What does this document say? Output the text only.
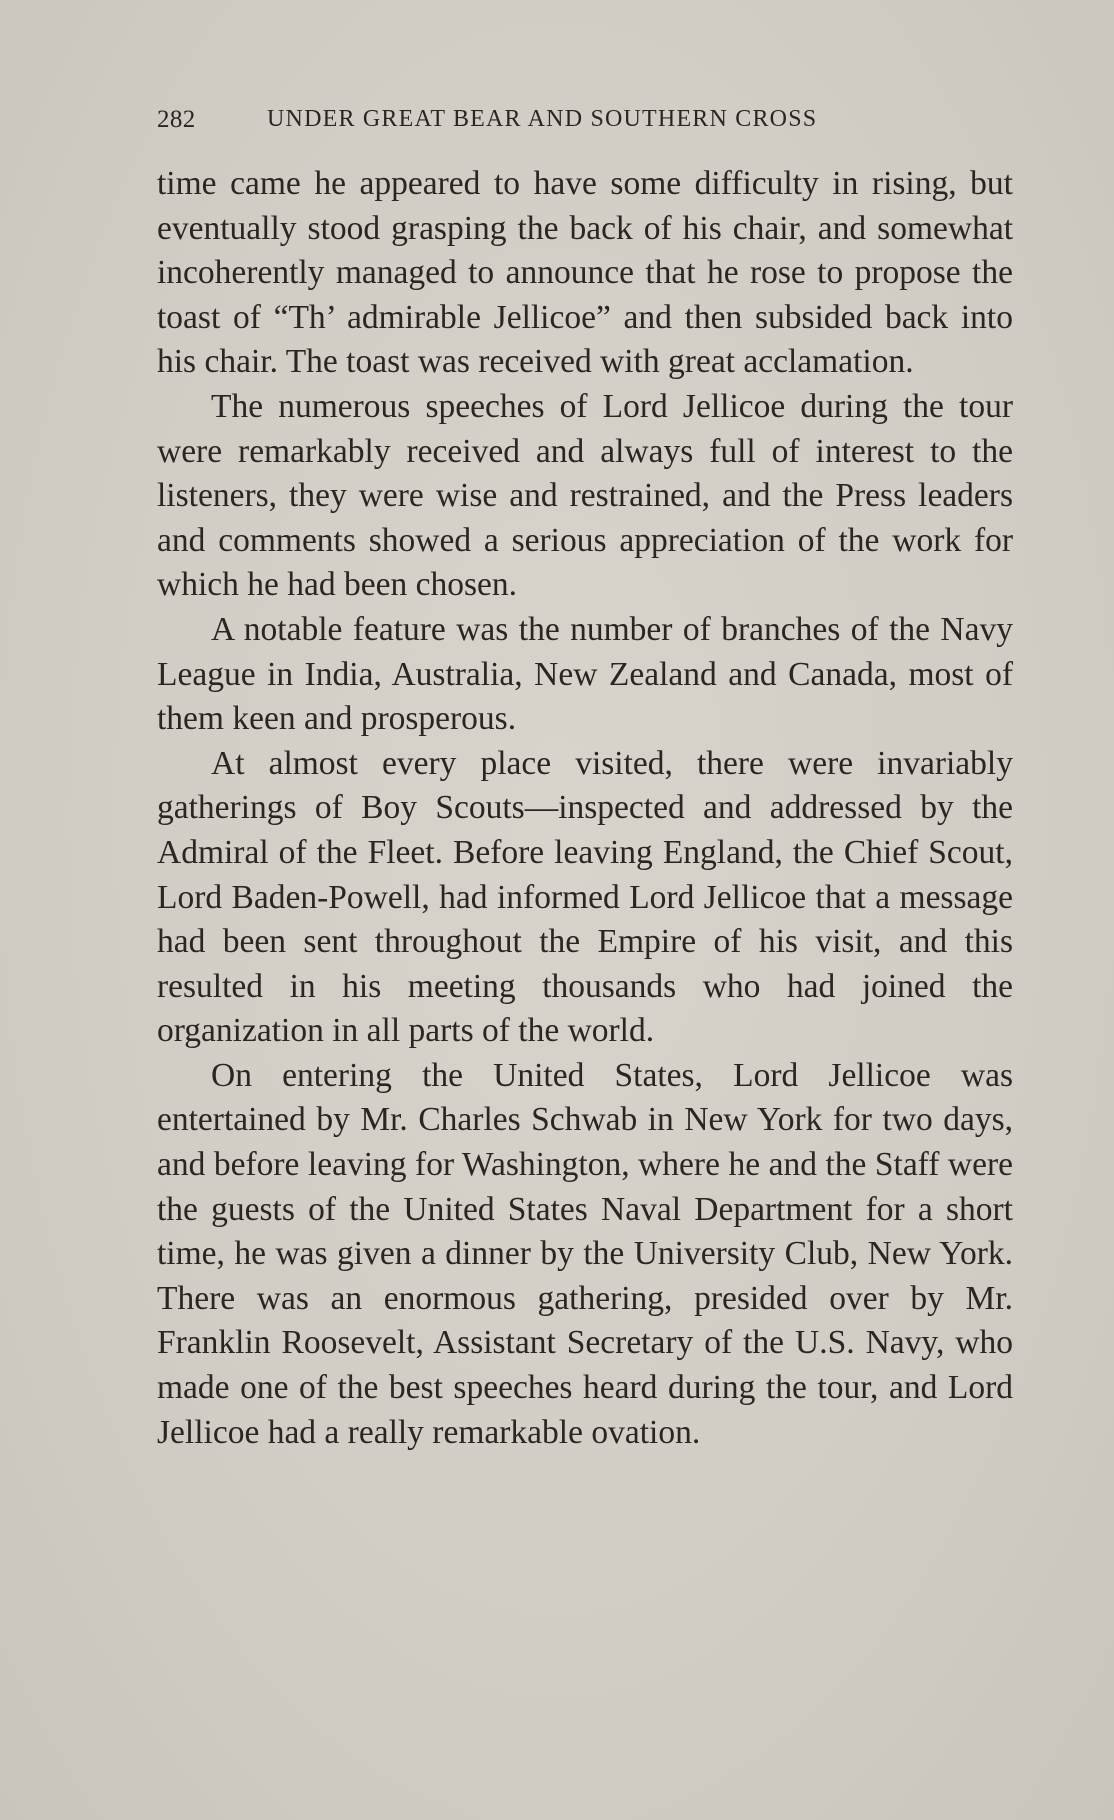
282	UNDER GREAT BEAR AND SOUTHERN CROSS

time came he appeared to have some difficulty in rising, but eventually stood grasping the back of his chair, and somewhat incoherently managed to announce that he rose to propose the toast of “Th’ admirable Jellicoe” and then subsided back into his chair. The toast was received with great acclamation.

The numerous speeches of Lord Jellicoe during the tour were remarkably received and always full of interest to the listeners, they were wise and restrained, and the Press leaders and comments showed a serious appreciation of the work for which he had been chosen.

A notable feature was the number of branches of the Navy League in India, Australia, New Zealand and Canada, most of them keen and prosperous.

At almost every place visited, there were invariably gatherings of Boy Scouts—inspected and addressed by the Admiral of the Fleet. Before leaving England, the Chief Scout, Lord Baden-Powell, had informed Lord Jellicoe that a message had been sent throughout the Empire of his visit, and this resulted in his meeting thousands who had joined the organization in all parts of the world.

On entering the United States, Lord Jellicoe was entertained by Mr. Charles Schwab in New York for two days, and before leaving for Washington, where he and the Staff were the guests of the United States Naval Department for a short time, he was given a dinner by the University Club, New York. There was an enormous gathering, presided over by Mr. Franklin Roosevelt, Assistant Secretary of the U.S. Navy, who made one of the best speeches heard during the tour, and Lord Jellicoe had a really remarkable ovation.
